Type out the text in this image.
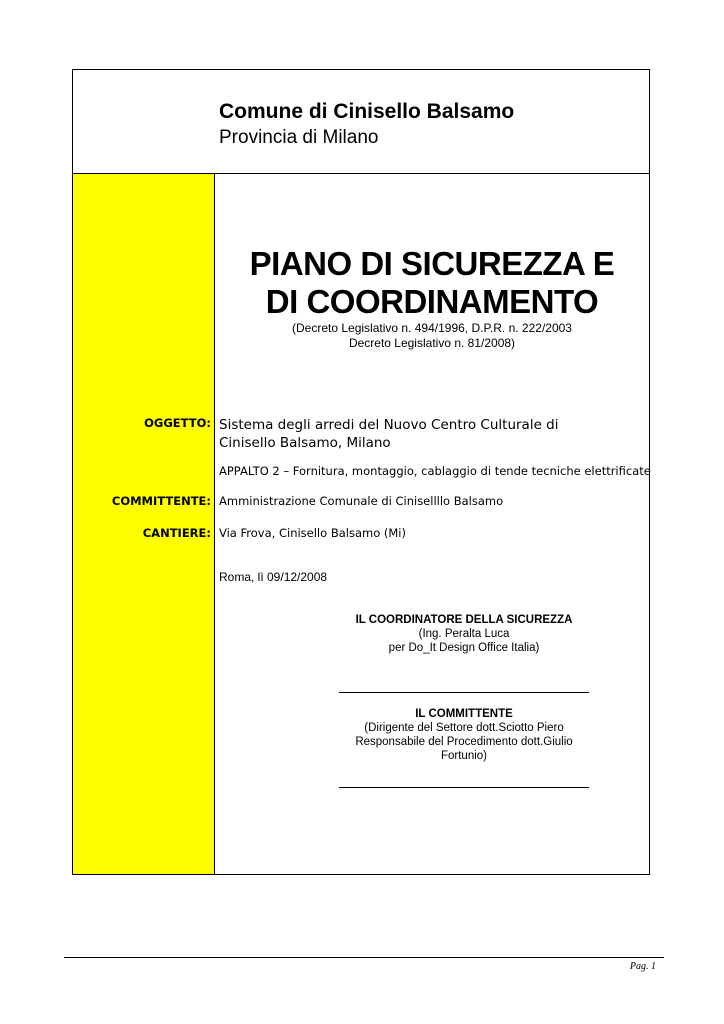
Comune di Cinisello Balsamo
Provincia di Milano
PIANO DI SICUREZZA E
DI COORDINAMENTO
(Decreto Legislativo n. 494/1996, D.P.R. n. 222/2003
Decreto Legislativo n. 81/2008)
OGGETTO: Sistema degli arredi del Nuovo Centro Culturale di Cinisello Balsamo, Milano
APPALTO 2 – Fornitura, montaggio, cablaggio di tende tecniche elettrificate
COMMITTENTE: Amministrazione Comunale di Cinisellllo Balsamo
CANTIERE: Via Frova, Cinisello Balsamo (Mi)
Roma, lì 09/12/2008
IL COORDINATORE DELLA SICUREZZA
(Ing. Peralta Luca
per Do_It Design Office Italia)
IL COMMITTENTE
(Dirigente del Settore dott.Sciotto Piero
Responsabile del Procedimento dott.Giulio Fortunio)
Pag. 1
